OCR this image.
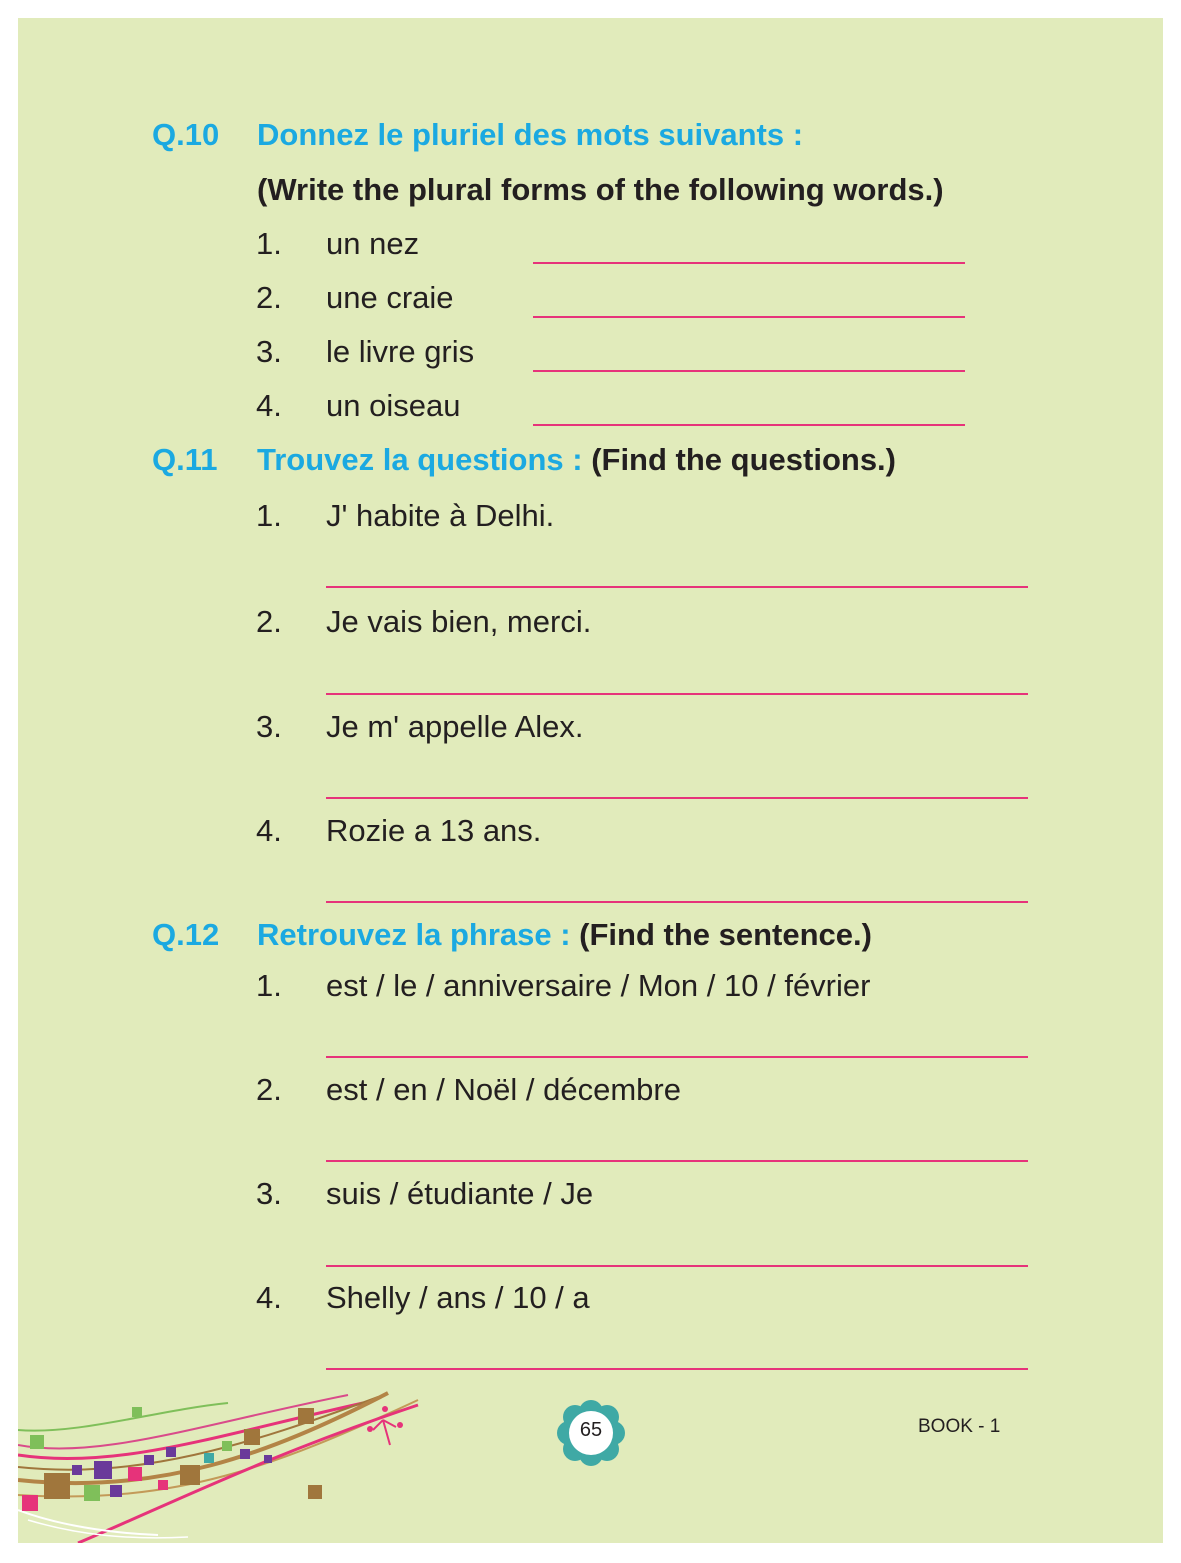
Q.10 Donnez le pluriel des mots suivants :
(Write the plural forms of the following words.)
1. un nez
2. une craie
3. le livre gris
4. un oiseau
Q.11 Trouvez la questions : (Find the questions.)
1. J' habite à Delhi.
2. Je vais bien, merci.
3. Je m' appelle Alex.
4. Rozie a 13 ans.
Q.12 Retrouvez la phrase : (Find the sentence.)
1. est / le / anniversaire / Mon / 10 / février
2. est / en / Noël / décembre
3. suis / étudiante / Je
4. Shelly / ans / 10 / a
65	BOOK - 1
